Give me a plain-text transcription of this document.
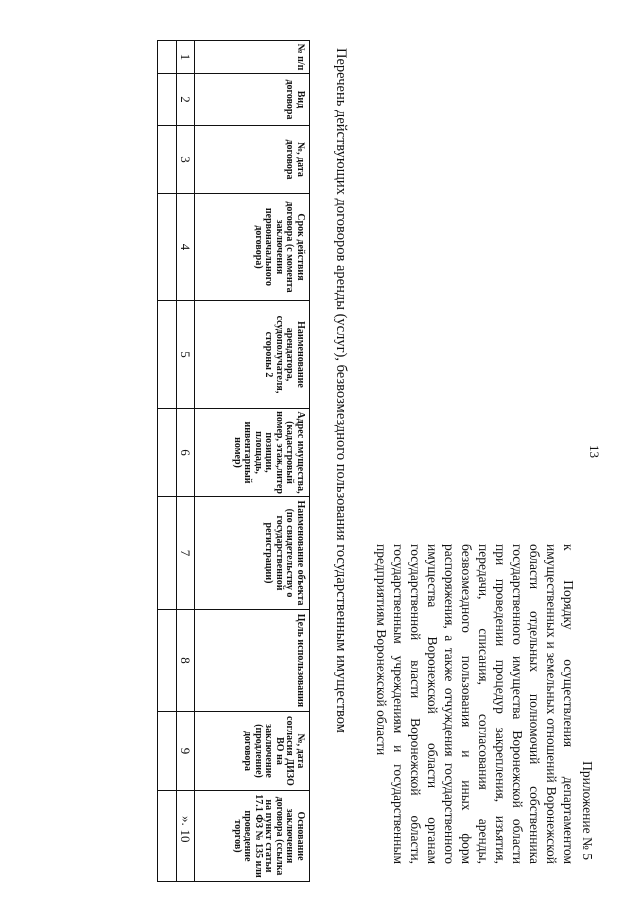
13
Приложение № 5
к Порядку осуществления департаментом имущественных и земельных отношений Воронежской области отдельных полномочий собственника государственного имущества Воронежской области при проведении процедур закрепления, изъятия, передачи, списания, согласования аренды, безвозмездного пользования и иных форм распоряжения, а также отчуждения государственного имущества Воронежской области органам государственной власти Воронежской области, государственным учреждениям и государственным предприятиям Воронежской области
Перечень действующих договоров аренды (услуг), безвозмездного пользования государственным имуществом
№ п/п	Вид договора	№, дата договора	Срок действия договора (с момента заключения первоначального договора)	Наименование арендатора, ссудополучателя, стороны 2	Адрес имущества, (кадастровый номер, этаж,литер позиции, площадь, инвентарный номер)	Наименование объекта (по свидетельству о государственной регистрации)	Цель использования	№, дата согласия ДИЗО ВО на заключение (продление) договора	Основание заключения договора (ссылка на пункт статьи 17.1 ФЗ № 135 или проведение торгов)
1	2	3	4	5	6	7	8	9	10

».
